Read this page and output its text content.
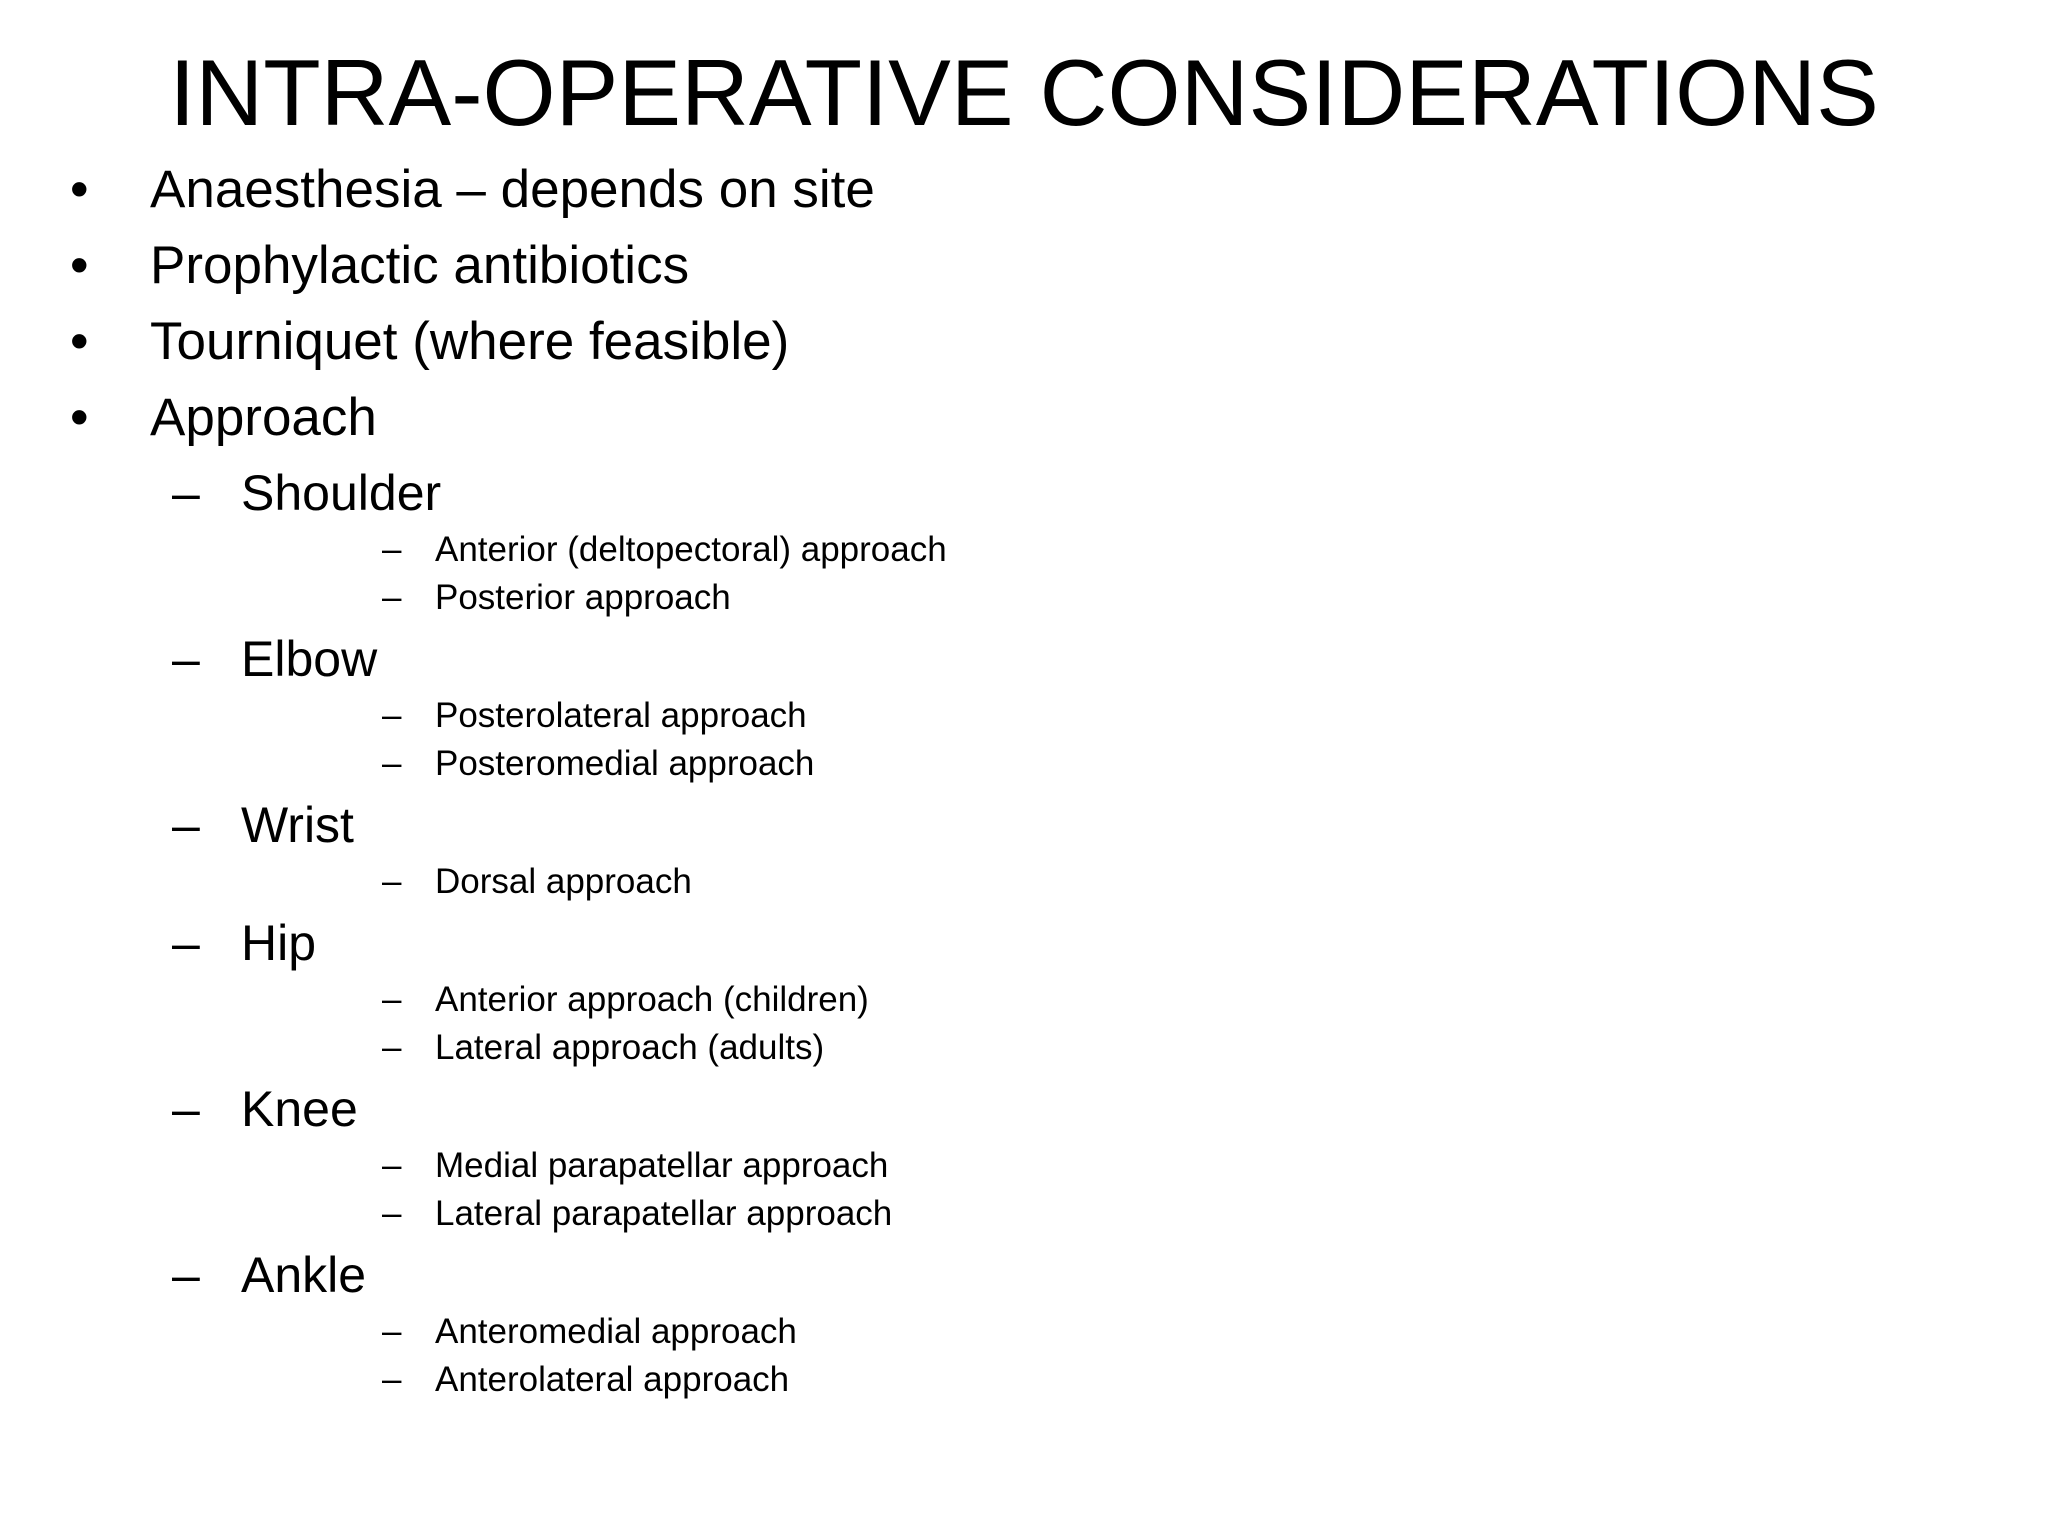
INTRA-OPERATIVE CONSIDERATIONS
• Anaesthesia – depends on site
• Prophylactic antibiotics
• Tourniquet (where feasible)
• Approach
– Shoulder
– Anterior (deltopectoral) approach
– Posterior approach
– Elbow
– Posterolateral approach
– Posteromedial approach
– Wrist
– Dorsal approach
– Hip
– Anterior approach (children)
– Lateral approach (adults)
– Knee
– Medial parapatellar approach
– Lateral parapatellar approach
– Ankle
– Anteromedial approach
– Anterolateral approach
